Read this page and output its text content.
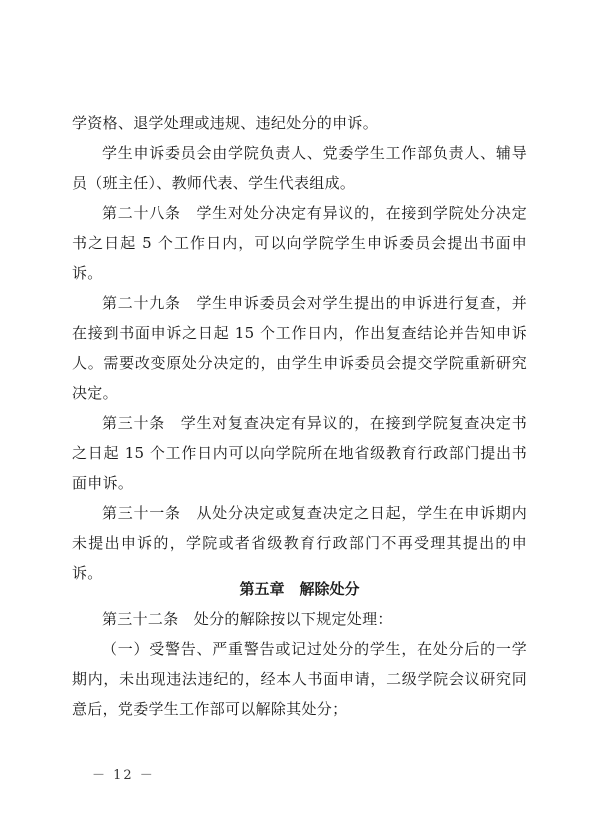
学资格、退学处理或违规、违纪处分的申诉。

学生申诉委员会由学院负责人、党委学生工作部负责人、辅导员（班主任）、教师代表、学生代表组成。

第二十八条　学生对处分决定有异议的，在接到学院处分决定书之日起 5 个工作日内，可以向学院学生申诉委员会提出书面申诉。

第二十九条　学生申诉委员会对学生提出的申诉进行复查，并在接到书面申诉之日起 15 个工作日内，作出复查结论并告知申诉人。需要改变原处分决定的，由学生申诉委员会提交学院重新研究决定。

第三十条　学生对复查决定有异议的，在接到学院复查决定书之日起 15 个工作日内可以向学院所在地省级教育行政部门提出书面申诉。

第三十一条　从处分决定或复查决定之日起，学生在申诉期内未提出申诉的，学院或者省级教育行政部门不再受理其提出的申诉。

第五章　解除处分

第三十二条　处分的解除按以下规定处理：

（一）受警告、严重警告或记过处分的学生，在处分后的一学期内，未出现违法违纪的，经本人书面申请，二级学院会议研究同意后，党委学生工作部可以解除其处分；

－ 12 －
